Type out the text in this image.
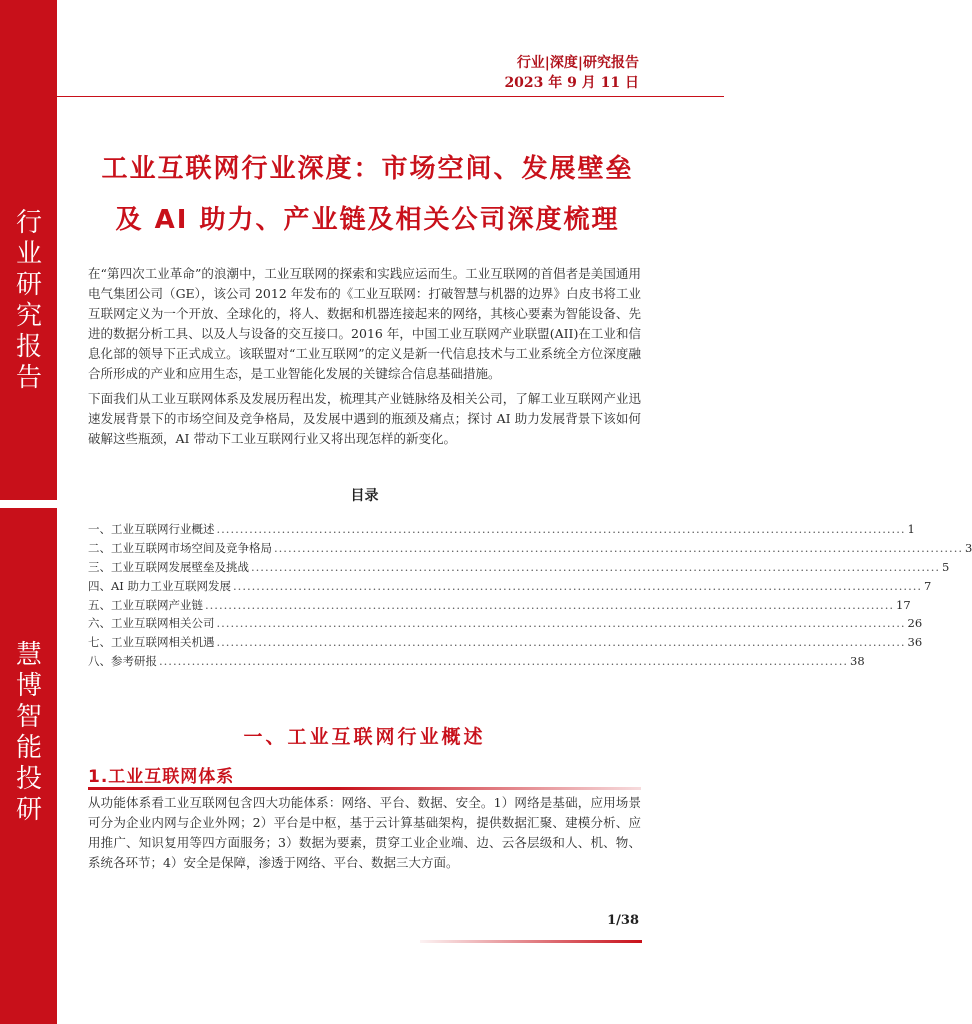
行业研究报告
慧博智能投研
行业|深度|研究报告
2023 年 9 月 11 日
工业互联网行业深度：市场空间、发展壁垒
及 AI 助力、产业链及相关公司深度梳理
在“第四次工业革命”的浪潮中，工业互联网的探索和实践应运而生。工业互联网的首倡者是美国通用电气集团公司（GE），该公司 2012 年发布的《工业互联网：打破智慧与机器的边界》白皮书将工业互联网定义为一个开放、全球化的，将人、数据和机器连接起来的网络，其核心要素为智能设备、先进的数据分析工具、以及人与设备的交互接口。2016 年，中国工业互联网产业联盟(AII)在工业和信息化部的领导下正式成立。该联盟对“工业互联网”的定义是新一代信息技术与工业系统全方位深度融合所形成的产业和应用生态，是工业智能化发展的关键综合信息基础措施。
下面我们从工业互联网体系及发展历程出发，梳理其产业链脉络及相关公司，了解工业互联网产业迅速发展背景下的市场空间及竞争格局，及发展中遇到的瓶颈及痛点；探讨 AI 助力发展背景下该如何破解这些瓶颈，AI 带动下工业互联网行业又将出现怎样的新变化。
目录
一、工业互联网行业概述 .................................................................................................................................................... 1
二、工业互联网市场空间及竞争格局 .................................................................................................................................................... 3
三、工业互联网发展壁垒及挑战 .................................................................................................................................................... 5
四、AI 助力工业互联网发展 .................................................................................................................................................... 7
五、工业互联网产业链 .................................................................................................................................................... 17
六、工业互联网相关公司 .................................................................................................................................................... 26
七、工业互联网相关机遇 .................................................................................................................................................... 36
八、参考研报 .................................................................................................................................................... 38
一、工业互联网行业概述
1.工业互联网体系
从功能体系看工业互联网包含四大功能体系：网络、平台、数据、安全。1）网络是基础，应用场景可分为企业内网与企业外网；2）平台是中枢，基于云计算基础架构，提供数据汇聚、建模分析、应用推广、知识复用等四方面服务；3）数据为要素，贯穿工业企业端、边、云各层级和人、机、物、系统各环节；4）安全是保障，渗透于网络、平台、数据三大方面。
1/38
